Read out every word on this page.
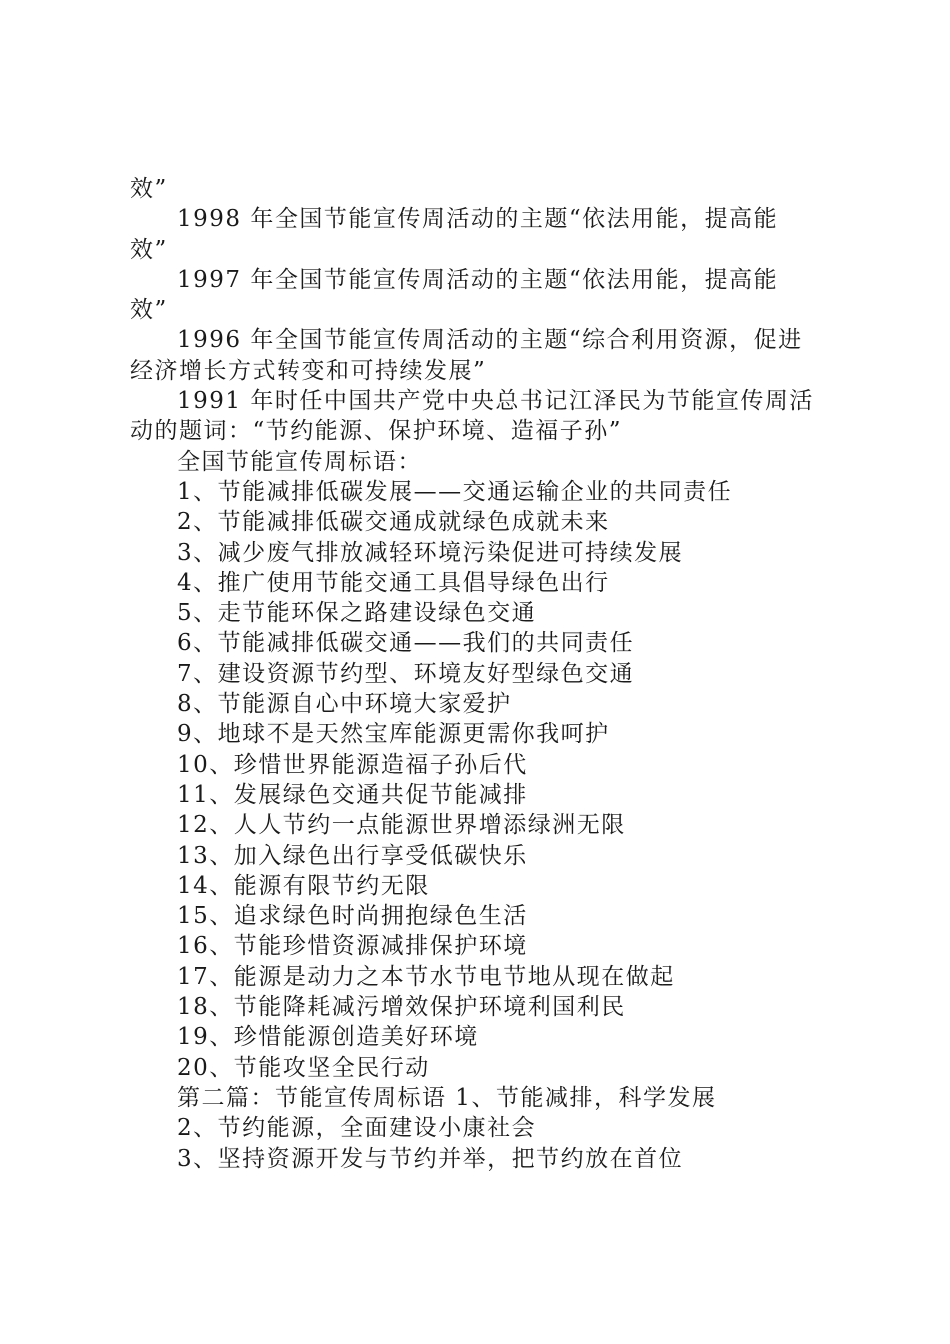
效”

1998 年全国节能宣传周活动的主题“依法用能，提高能

效”

1997 年全国节能宣传周活动的主题“依法用能，提高能

效”

1996 年全国节能宣传周活动的主题“综合利用资源，促进

经济增长方式转变和可持续发展”

1991 年时任中国共产党中央总书记江泽民为节能宣传周活

动的题词：“节约能源、保护环境、造福子孙”

全国节能宣传周标语：

1、节能减排低碳发展——交通运输企业的共同责任

2、节能减排低碳交通成就绿色成就未来

3、减少废气排放减轻环境污染促进可持续发展

4、推广使用节能交通工具倡导绿色出行

5、走节能环保之路建设绿色交通

6、节能减排低碳交通——我们的共同责任

7、建设资源节约型、环境友好型绿色交通

8、节能源自心中环境大家爱护

9、地球不是天然宝库能源更需你我呵护

10、珍惜世界能源造福子孙后代

11、发展绿色交通共促节能减排

12、人人节约一点能源世界增添绿洲无限

13、加入绿色出行享受低碳快乐

14、能源有限节约无限

15、追求绿色时尚拥抱绿色生活

16、节能珍惜资源减排保护环境

17、能源是动力之本节水节电节地从现在做起

18、节能降耗减污增效保护环境利国利民

19、珍惜能源创造美好环境

20、节能攻坚全民行动

第二篇：节能宣传周标语 1、节能减排，科学发展

2、节约能源，全面建设小康社会

3、坚持资源开发与节约并举，把节约放在首位
